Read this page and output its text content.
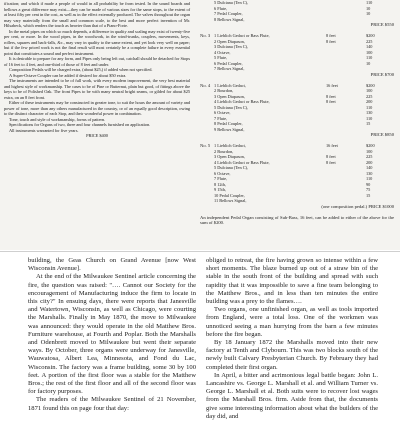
ification; and which if made a people of would in all probability be from tested. In the sound boards and bellows a great difference may exist—they can be made of various sizes for the same stops, to the extent of at least fifty per cent in the cost, as well as in the effect externally produced. The valves throughout the organ may vary materially from the small and common scale, to the best and more perfect invention of Mr. Hilsabeck, which renders the touch as heavier than that of a Piano-Forte.

In the metal pipes on which so much depends, a difference in quality and scaling may exist of twenty-five per cent, or more. In the wood pipes, in the woodwork, in the wind-trunks, couplers, movements, keys, rollers, squares and back-falls, &c., may vary in quality to the same extent, and yet look very well on paper; but if the few priced work is not the final result will most certainly be a complete failure in every essential point that constitutes a sound and perfect instrument.

It is desirable to prepare for any form, and Pipes only being left out, catchall should be detached for Stops of 16 feet to 4 feet, and one-third of those of 8 feet and under.

Composition Pedals will be charged extra, (about $25,) if added when not specified.

A Super-Octave Coupler can be added if desired for about $50 extra.

The instruments are intended to be of full work, with every modern improvement, the very best material and highest style of workmanship. The cases to be of Pine or Butternut, plain but good, of fittings above the keys to be of Polished Oak. The front Pipes to be with many neutral bright seams, or gilded for about $25 extra, on an 8 feet front.

Either of these instruments may be constructed in greater tone, to suit the hours the amount of variety and power of tone, more than any others manufactured in the country, or of an equally good description, owing to the distinct character of each Stop, and their wonderful power in combination.

Tone, touch and style of workmanship, forms of pattern.

Specifications for Organs of two, three and four channels furnished on application.

All instruments warranted for five years.

PRICE $400

5 Dulciana (Ten C),	110
6 Flute,	10
7 Pedal Coupler,	10
8 Bellows Signal,
PRICE $550
No. 3 1 Lieblich Gedact or Bass Flute,	8 feet	$200
2 Open Diapason,	8 feet	225
3 Dulciana (Ten C),	140
4 Octave,	100
5 Flute,	110
6 Pedal Coupler,	10
7 Bellows Signal,
PRICE $700
No. 4 1 Lieblich Gedact,	16 feet	$200
2 Bourdon,	100
3 Open Diapason,	8 feet	225
4 Lieblich Gedact or Bass Flute,	8 feet	200
5 Dulciana (Ten C),	110
6 Octave,	130
7 Flute,	110
8 Pedal Coupler,	15
9 Bellows Signal,
PRICE $850
No. 5 1 Lieblich Gedact,	16 feet	$200
2 Bourdon,	100
3 Open Diapason,	8 feet	225
4 Lieblich Gedact or Bass Flute,	8 feet	200
5 Dulciana (Ten C),	140
6 Octave,	130
7 Flute,	110
8 12th,	90
9 15th,	75
10 Pedal Coupler,	15
11 Bellows Signal,
(one composition pedal.) PRICE $1000
An independent Pedal Organ consisting of Sub-Bass, 16 feet, can be added to either of the above for the sum of $200.

building, the Geas Church on Grand Avenue [now West Wisconsin Avenue].

At the end of the Milwaukee Sentinel article concerning the fire, the question was raised: "…. Cannot our Society for the encouragement of Manufacturing induce the firm to locate in this city?" In ensuing days, there were reports that Janesville and Watertown, Wisconsin, as well as Chicago, were courting the Marshalls. Finally in May 1870, the move to Milwaukee was announced: they would operate in the old Matthew Bros. Furniture warehouse, at Fourth and Poplar. Both the Marshalls and Odenbrett moved to Milwaukee but went their separate ways. By October, three organs were underway for Janesville, Wauwatosa, Albert Lea, Minnesota, and Fond du Lac, Wisconsin. The factory was a frame building, some 30 by 100 feet. A portion of the first floor was a stable for the Matthew Bros.; the rest of the first floor and all of the second floor was for factory purposes.

The readers of the Milwaukee Sentinel of 21 November, 1871 found this on page four that day:

obliged to retreat, the fire having grown so intense within a few short moments. The blaze burned up out of a straw bin of the stable in the south front of the building and spread with such rapidity that it was impossible to save a fine team belonging to the Matthew Bros., and in less than ten minutes the entire building was a prey to the flames….

Two organs, one unfinished organ, as well as tools imported from England, were a total loss. One of the workmen was unnoticed seeing a man hurrying from the barn a few minutes before the fire began.

By 18 January 1872 the Marshalls moved into their new factory at Tenth and Clybourn. This was two blocks south of the newly built Calvary Presbyterian Church. By February they had completed their first organ.

In April, a bitter and acrimonious legal battle began: John L. Lancashire vs. George L. Marshall et al. and William Turner vs. George L. Marshall et al. Both suits were to recover lost wages from the Marshall Bros. firm. Aside from that, the documents give some interesting information about what the builders of the day did, and
